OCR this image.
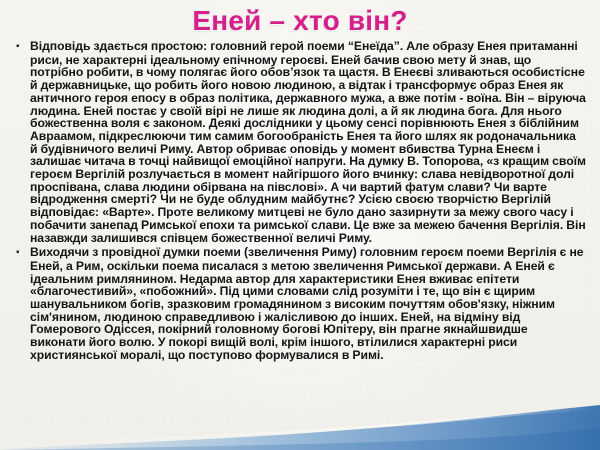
Еней – хто він?

▪ Відповідь здається простою: головний герой поеми “Енеїда”. Але образу Енея притаманні риси, не характерні ідеальному епічному героєві. Еней бачив свою мету й знав, що потрібно робити, в чому полягає його обов’язок та щастя. В Енеєві зливаються особистісне й державницьке, що робить його новою людиною, а відтак і трансформує образ Енея як античного героя епосу в образ політика, державного мужа, а вже потім - воїна. Він – віруюча людина. Еней постає у своїй вірі не лише як людина долі, а й як людина бога. Для нього божественна воля є законом. Деякі дослідники у цьому сенсі порівнюють Енея з біблійним Авраамом, підкреслюючи тим самим богообраність Енея та його шлях як родоначальника й будівничого величі Риму. Автор обриває оповідь у момент вбивства Турна Енеєм і залишає читача в точці найвищої емоційної напруги. На думку В. Топорова, «з кращим своїм героєм Вергілій розлучається в момент найгіршого його вчинку: слава невідворотної долі проспівана, слава людини обірвана на півслові». А чи вартий фатум слави? Чи варте відродження смерті? Чи не буде облудним майбутнє? Усією своєю творчістю Вергілій відповідає: «Варте». Проте великому митцеві не було дано зазирнути за межу свого часу і побачити занепад Римської епохи та римської слави. Це вже за межею бачення Вергілія. Він назавжди залишився співцем божественної величі Риму.

▪ Виходячи з провідної думки поеми (звеличення Риму) головним героєм поеми Вергілія є не Еней, а Рим, оскільки поема писалася з метою звеличення Римської держави. А Еней є ідеальним римлянином. Недарма автор для характеристики Енея вживає епітети «благочестивий», «побожний». Під цими словами слід розуміти і те, що він є щирим шанувальником богів, зразковим громадянином з високим почуттям обов'язку, ніжним сім'янином, людиною справедливою і жалісливою до інших. Еней, на відміну від Гомерового Одіссея, покірний головному богові Юпітеру, він прагне якнайшвидше виконати його волю. У покорі вищій волі, крім іншого, втілилися характерні риси християнської моралі, що поступово формувалися в Римі.
